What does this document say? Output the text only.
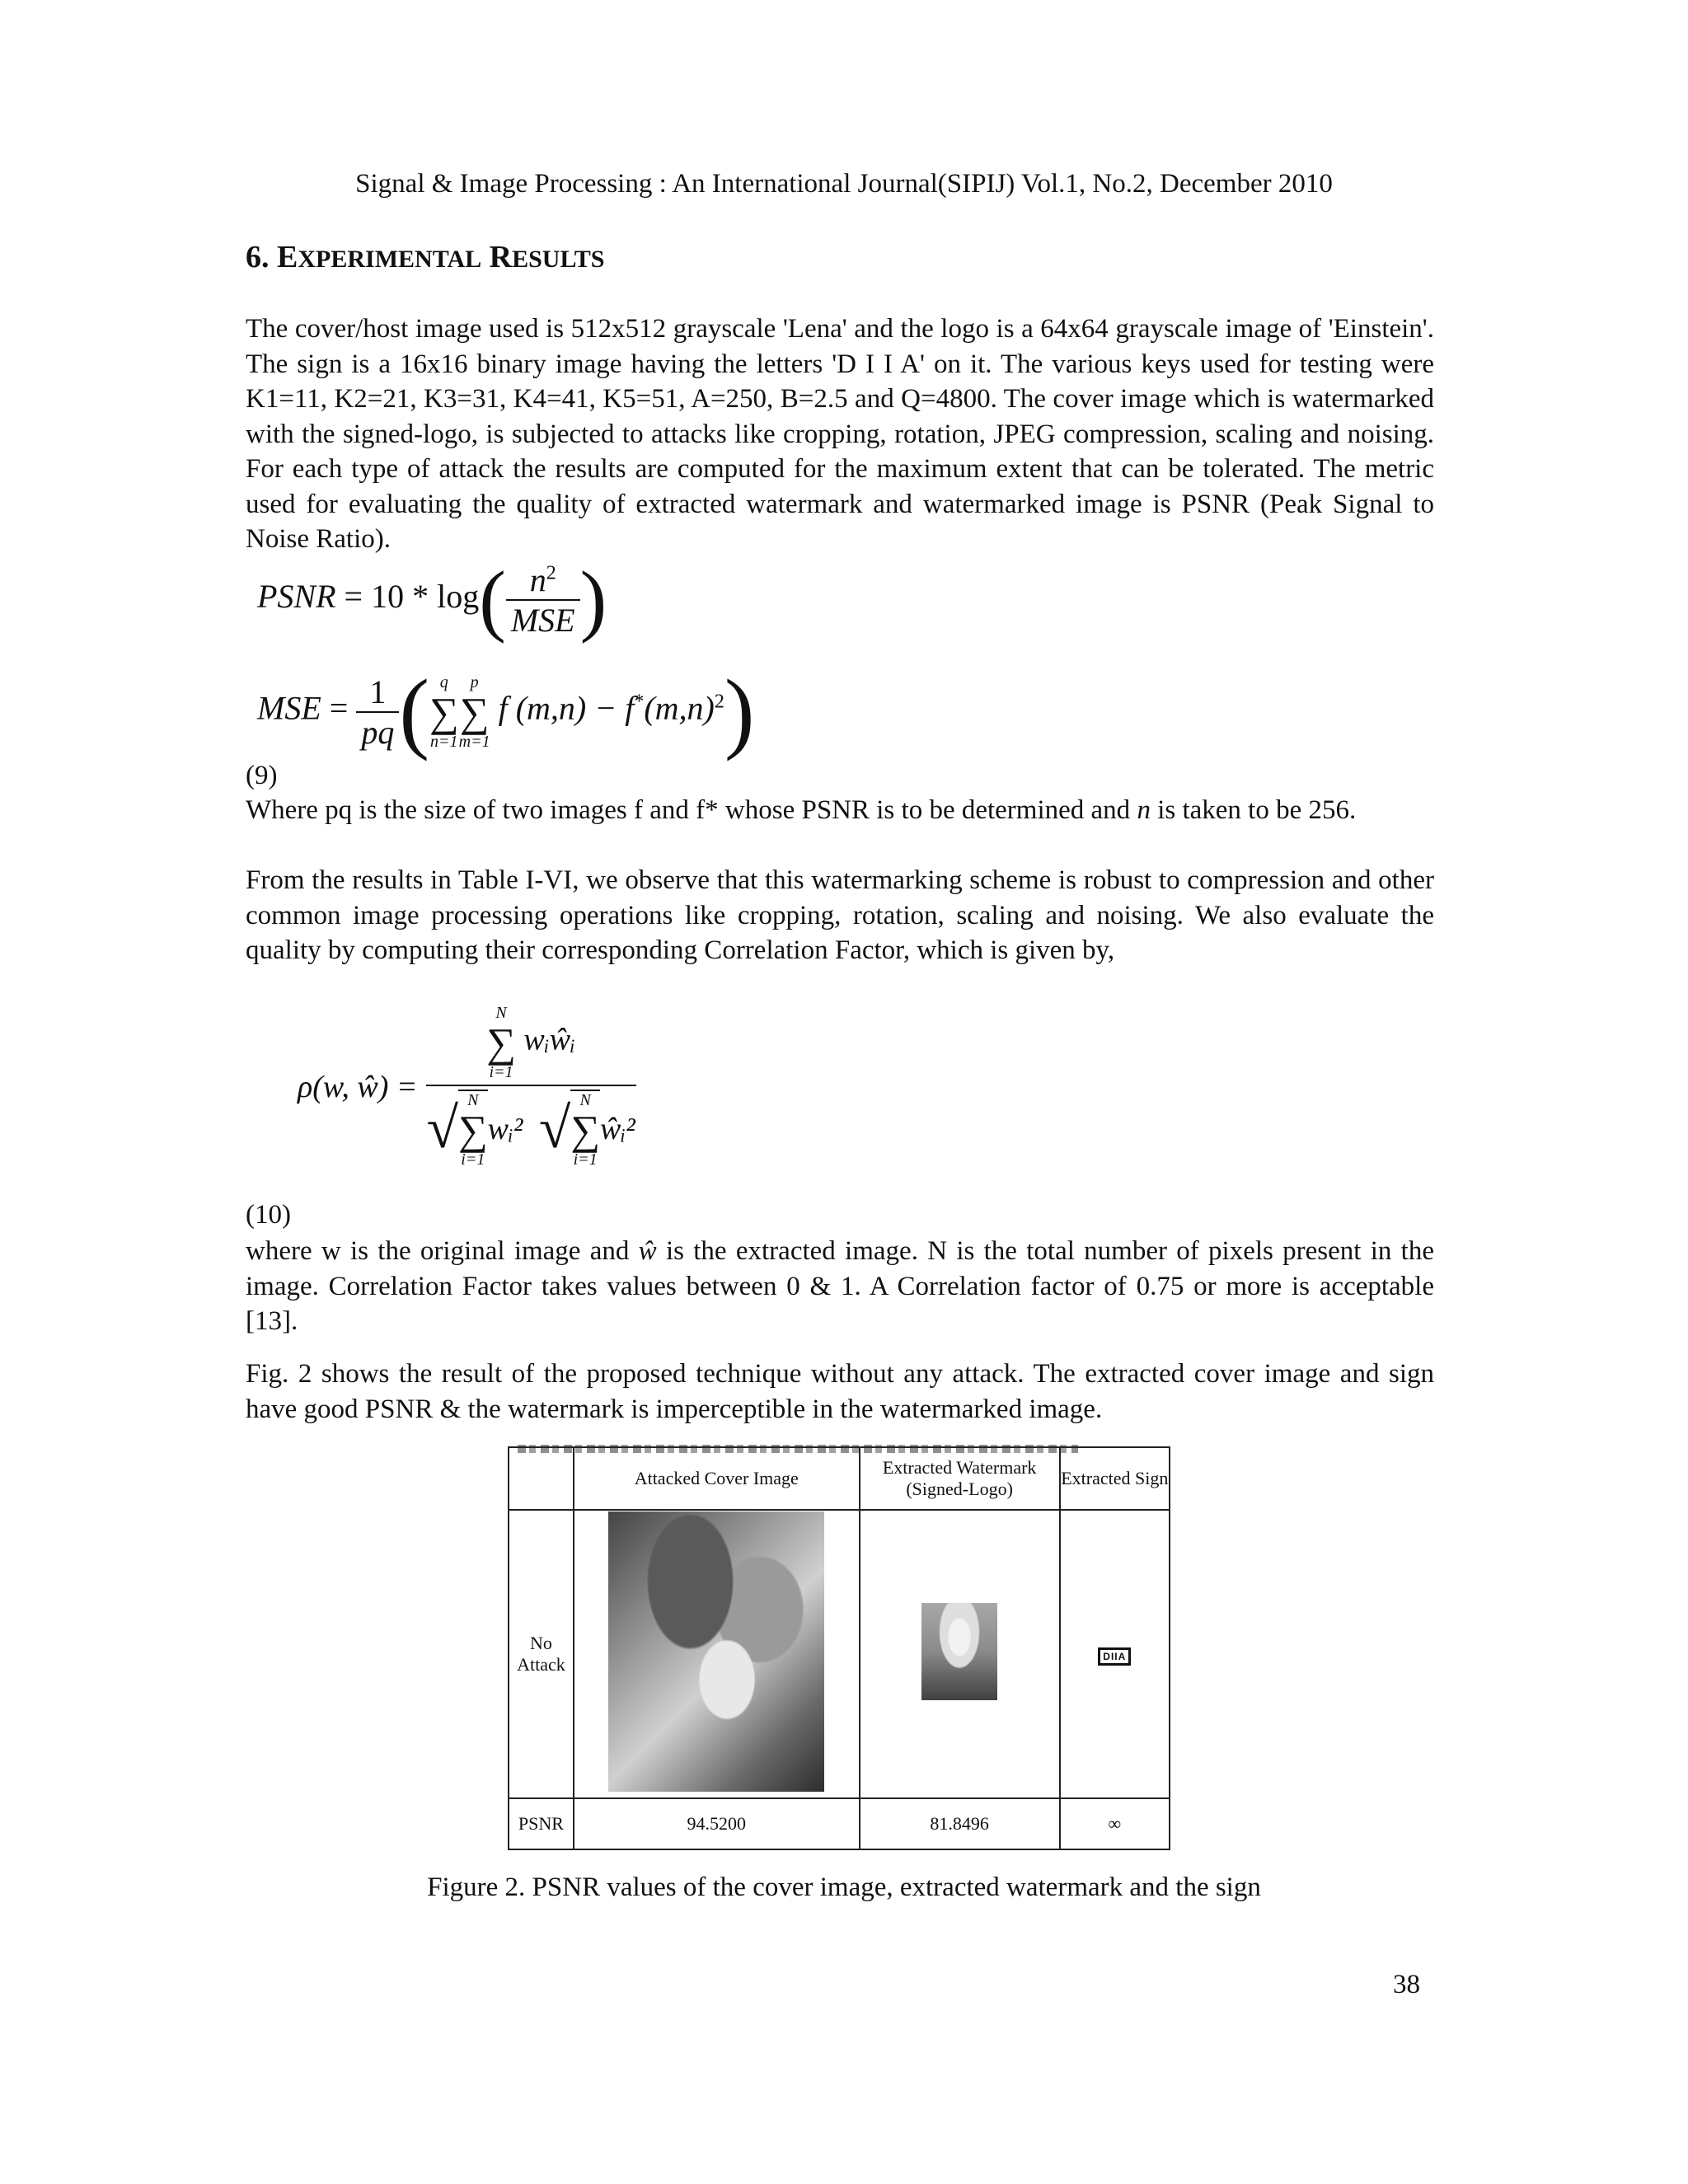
Signal & Image Processing : An International Journal(SIPIJ) Vol.1, No.2, December 2010
6. EXPERIMENTAL RESULTS
The cover/host image used is 512x512 grayscale 'Lena' and the logo is a 64x64 grayscale image of 'Einstein'. The sign is a 16x16 binary image having the letters 'D I I A' on it. The various keys used for testing were K1=11, K2=21, K3=31, K4=41, K5=51, A=250, B=2.5 and Q=4800. The cover image which is watermarked with the signed-logo, is subjected to attacks like cropping, rotation, JPEG compression, scaling and noising. For each type of attack the results are computed for the maximum extent that can be tolerated. The metric used for evaluating the quality of extracted watermark and watermarked image is PSNR (Peak Signal to Noise Ratio).
PSNR = $10 * \log( \frac{n^2}{\text{MSE}}$ )
MSE = $\frac{1}{pq}$ ( q
∑
n=1
p
∑
m=1
f $(m,n) - f^*(m,n)^2$)
(9)
Where pq is the size of two images f and f* whose PSNR is to be determined and n is taken to be 256.
From the results in Table I-VI, we observe that this watermarking scheme is robust to compression and other common image processing operations like cropping, rotation, scaling and noising. We also evaluate the quality by computing their corresponding Correlation Factor, which is given by,
ρ(w, ŵ) =	
N
∑
i=1
wᵢŵᵢ
√ N
∑
i=1
wᵢ² √ N
∑
i=1
ŵᵢ²
(10)
where w is the original image and ŵ is the extracted image. N is the total number of pixels present in the image. Correlation Factor takes values between 0 & 1. A Correlation factor of 0.75 or more is acceptable [13].
Fig. 2 shows the result of the proposed technique without any attack. The extracted cover image and sign have good PSNR & the watermark is imperceptible in the watermarked image.
	Attacked Cover Image	Extracted Watermark (Signed-Logo)	Extracted Sign
No Attack			DIIA
PSNR	94.5200	81.8496	∞
Figure 2. PSNR values of the cover image, extracted watermark and the sign
38
